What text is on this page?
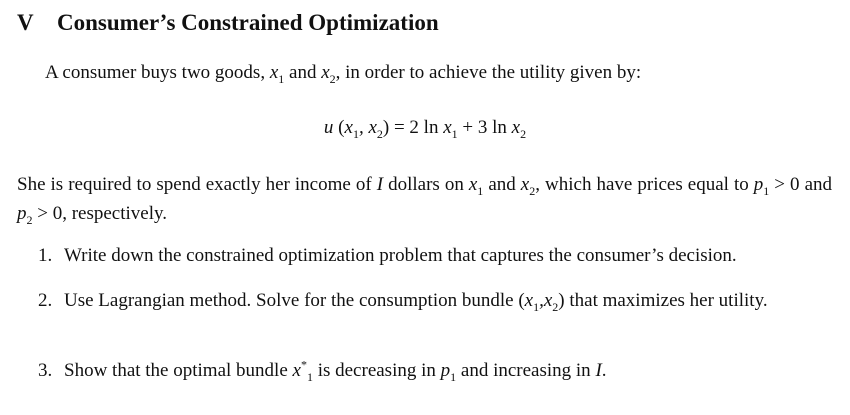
V Consumer’s Constrained Optimization
A consumer buys two goods, $x_1$ and $x_2$, in order to achieve the utility given by:
u ($x_1$, $x_2) = 2$ $\ln x_1 + 3$ $\ln x_2$
She is required to spend exactly her income of I dollars on $x_1$ and $x_2$, which have prices equal to $p_1 > 0$ and $p_2 > 0$, respectively.
1. Write down the constrained optimization problem that captures the consumer’s decision.
2. Use Lagrangian method. Solve for the consumption bundle $(x_1,x_2)$ that maximizes her utility.
3. Show that the optimal bundle $x^*_1$ is decreasing in $p_1$ and increasing in I.
